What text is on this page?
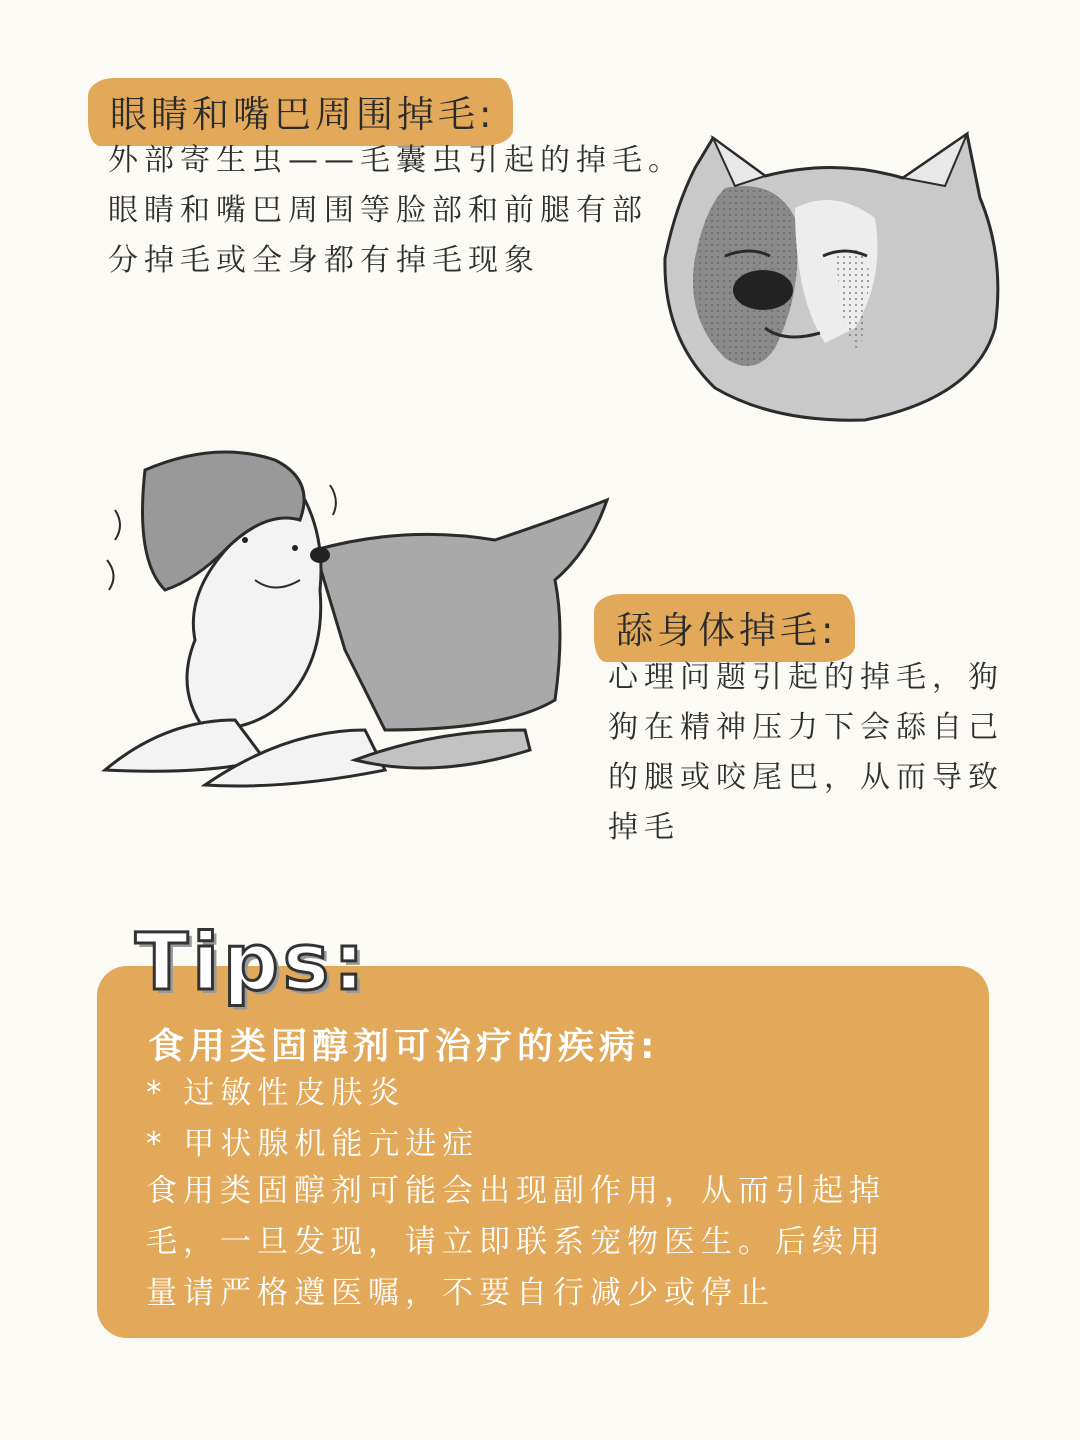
眼睛和嘴巴周围掉毛:
外部寄生虫——毛囊虫引起的掉毛。
眼睛和嘴巴周围等脸部和前腿有部
分掉毛或全身都有掉毛现象
舔身体掉毛:
心理问题引起的掉毛，狗
狗在精神压力下会舔自己
的腿或咬尾巴，从而导致
掉毛
Tips:
食用类固醇剂可治疗的疾病:
* 过敏性皮肤炎
* 甲状腺机能亢进症
食用类固醇剂可能会出现副作用，从而引起掉
毛，一旦发现，请立即联系宠物医生。后续用
量请严格遵医嘱，不要自行减少或停止
